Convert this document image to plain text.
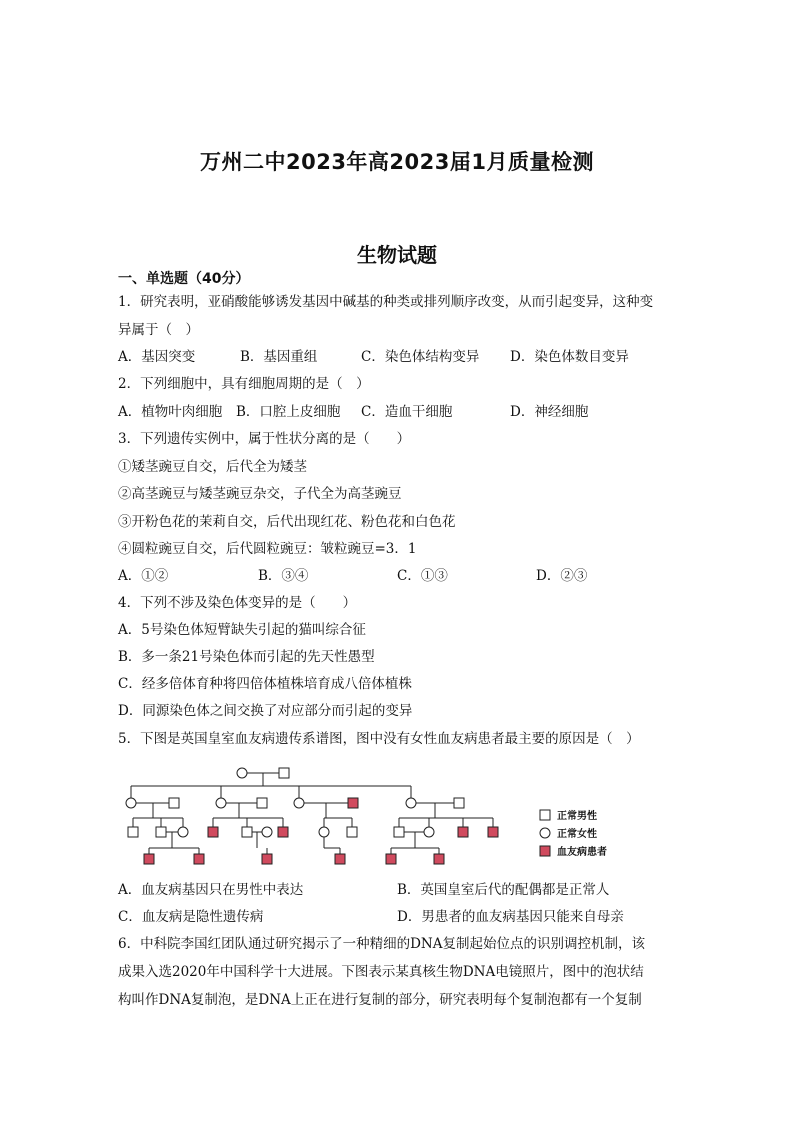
万州二中2023年高2023届1月质量检测
生物试题
一、单选题（40分）
1．研究表明，亚硝酸能够诱发基因中碱基的种类或排列顺序改变，从而引起变异，这种变
异属于（　）
A．基因突变	B．基因重组	C．染色体结构变异 D．染色体数目变异
2．下列细胞中，具有细胞周期的是（　）
A．植物叶肉细胞 B．口腔上皮细胞 C．造血干细胞	D．神经细胞
3．下列遗传实例中，属于性状分离的是（　　）
①矮茎豌豆自交，后代全为矮茎
②高茎豌豆与矮茎豌豆杂交，子代全为高茎豌豆
③开粉色花的茉莉自交，后代出现红花、粉色花和白色花
④圆粒豌豆自交，后代圆粒豌豆：皱粒豌豆=3．1
A．①②	B．③④	C．①③	D．②③
4．下列不涉及染色体变异的是（　　）
A．5号染色体短臂缺失引起的猫叫综合征
B．多一条21号染色体而引起的先天性愚型
C．经多倍体育种将四倍体植株培育成八倍体植株
D．同源染色体之间交换了对应部分而引起的变异
5．下图是英国皇室血友病遗传系谱图，图中没有女性血友病患者最主要的原因是（　）
正常男性
正常女性
血友病患者
A．血友病基因只在男性中表达	B．英国皇室后代的配偶都是正常人
C．血友病是隐性遗传病	D．男患者的血友病基因只能来自母亲
6．中科院李国红团队通过研究揭示了一种精细的DNA复制起始位点的识别调控机制，该
成果入选2020年中国科学十大进展。下图表示某真核生物DNA电镜照片，图中的泡状结
构叫作DNA复制泡，是DNA上正在进行复制的部分，研究表明每个复制泡都有一个复制
